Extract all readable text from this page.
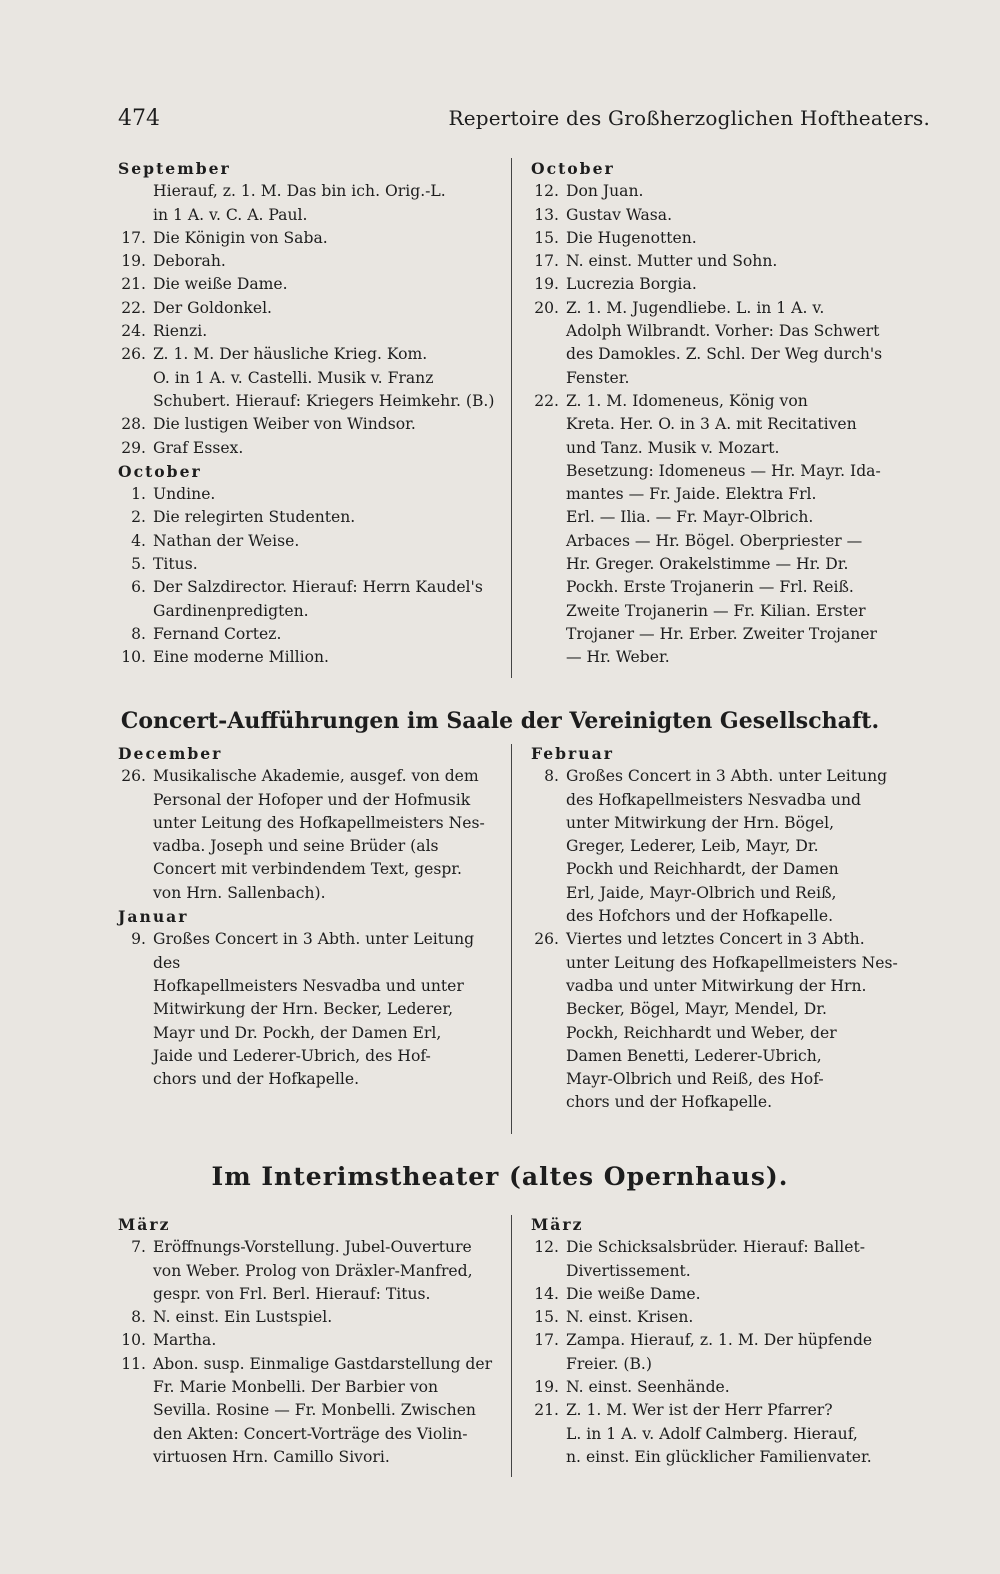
474	Repertoire des Großherzoglichen Hoftheaters.
September
Hierauf, z. 1. M. Das bin ich. Orig.-L.
in 1 A. v. C. A. Paul.
17. Die Königin von Saba.
19. Deborah.
21. Die weiße Dame.
22. Der Goldonkel.
24. Rienzi.
26. Z. 1. M. Der häusliche Krieg. Kom.
O. in 1 A. v. Castelli. Musik v. Franz
Schubert. Hierauf: Kriegers Heimkehr. (B.)
28. Die lustigen Weiber von Windsor.
29. Graf Essex.
October
1. Undine.
2. Die relegirten Studenten.
4. Nathan der Weise.
5. Titus.
6. Der Salzdirector. Hierauf: Herrn Kaudel's
Gardinenpredigten.
8. Fernand Cortez.
10. Eine moderne Million.
October
12. Don Juan.
13. Gustav Wasa.
15. Die Hugenotten.
17. N. einst. Mutter und Sohn.
19. Lucrezia Borgia.
20. Z. 1. M. Jugendliebe. L. in 1 A. v.
Adolph Wilbrandt. Vorher: Das Schwert
des Damokles. Z. Schl. Der Weg durch's
Fenster.
22. Z. 1. M. Idomeneus, König von
Kreta. Her. O. in 3 A. mit Recitativen
und Tanz. Musik v. Mozart.
Besetzung: Idomeneus — Hr. Mayr. Ida-
mantes — Fr. Jaide. Elektra Frl.
Erl. — Ilia. — Fr. Mayr-Olbrich.
Arbaces — Hr. Bögel. Oberpriester —
Hr. Greger. Orakelstimme — Hr. Dr.
Pockh. Erste Trojanerin — Frl. Reiß.
Zweite Trojanerin — Fr. Kilian. Erster
Trojaner — Hr. Erber. Zweiter Trojaner
— Hr. Weber.
Concert-Aufführungen im Saale der Vereinigten Gesellschaft.
December
26. Musikalische Akademie, ausgef. von dem
Personal der Hofoper und der Hofmusik
unter Leitung des Hofkapellmeisters Nes-
vadba. Joseph und seine Brüder (als
Concert mit verbindendem Text, gespr.
von Hrn. Sallenbach).
Januar
9. Großes Concert in 3 Abth. unter Leitung des
Hofkapellmeisters Nesvadba und unter
Mitwirkung der Hrn. Becker, Lederer,
Mayr und Dr. Pockh, der Damen Erl,
Jaide und Lederer-Ubrich, des Hof-
chors und der Hofkapelle.
Februar
8. Großes Concert in 3 Abth. unter Leitung
des Hofkapellmeisters Nesvadba und
unter Mitwirkung der Hrn. Bögel,
Greger, Lederer, Leib, Mayr, Dr.
Pockh und Reichhardt, der Damen
Erl, Jaide, Mayr-Olbrich und Reiß,
des Hofchors und der Hofkapelle.
26. Viertes und letztes Concert in 3 Abth.
unter Leitung des Hofkapellmeisters Nes-
vadba und unter Mitwirkung der Hrn.
Becker, Bögel, Mayr, Mendel, Dr.
Pockh, Reichhardt und Weber, der
Damen Benetti, Lederer-Ubrich,
Mayr-Olbrich und Reiß, des Hof-
chors und der Hofkapelle.
Im Interimstheater (altes Opernhaus).
März
7. Eröffnungs-Vorstellung. Jubel-Ouverture
von Weber. Prolog von Dräxler-Manfred,
gespr. von Frl. Berl. Hierauf: Titus.
8. N. einst. Ein Lustspiel.
10. Martha.
11. Abon. susp. Einmalige Gastdarstellung der
Fr. Marie Monbelli. Der Barbier von
Sevilla. Rosine — Fr. Monbelli. Zwischen
den Akten: Concert-Vorträge des Violin-
virtuosen Hrn. Camillo Sivori.
März
12. Die Schicksalsbrüder. Hierauf: Ballet-
Divertissement.
14. Die weiße Dame.
15. N. einst. Krisen.
17. Zampa. Hierauf, z. 1. M. Der hüpfende
Freier. (B.)
19. N. einst. Seenhände.
21. Z. 1. M. Wer ist der Herr Pfarrer?
L. in 1 A. v. Adolf Calmberg. Hierauf,
n. einst. Ein glücklicher Familienvater.
